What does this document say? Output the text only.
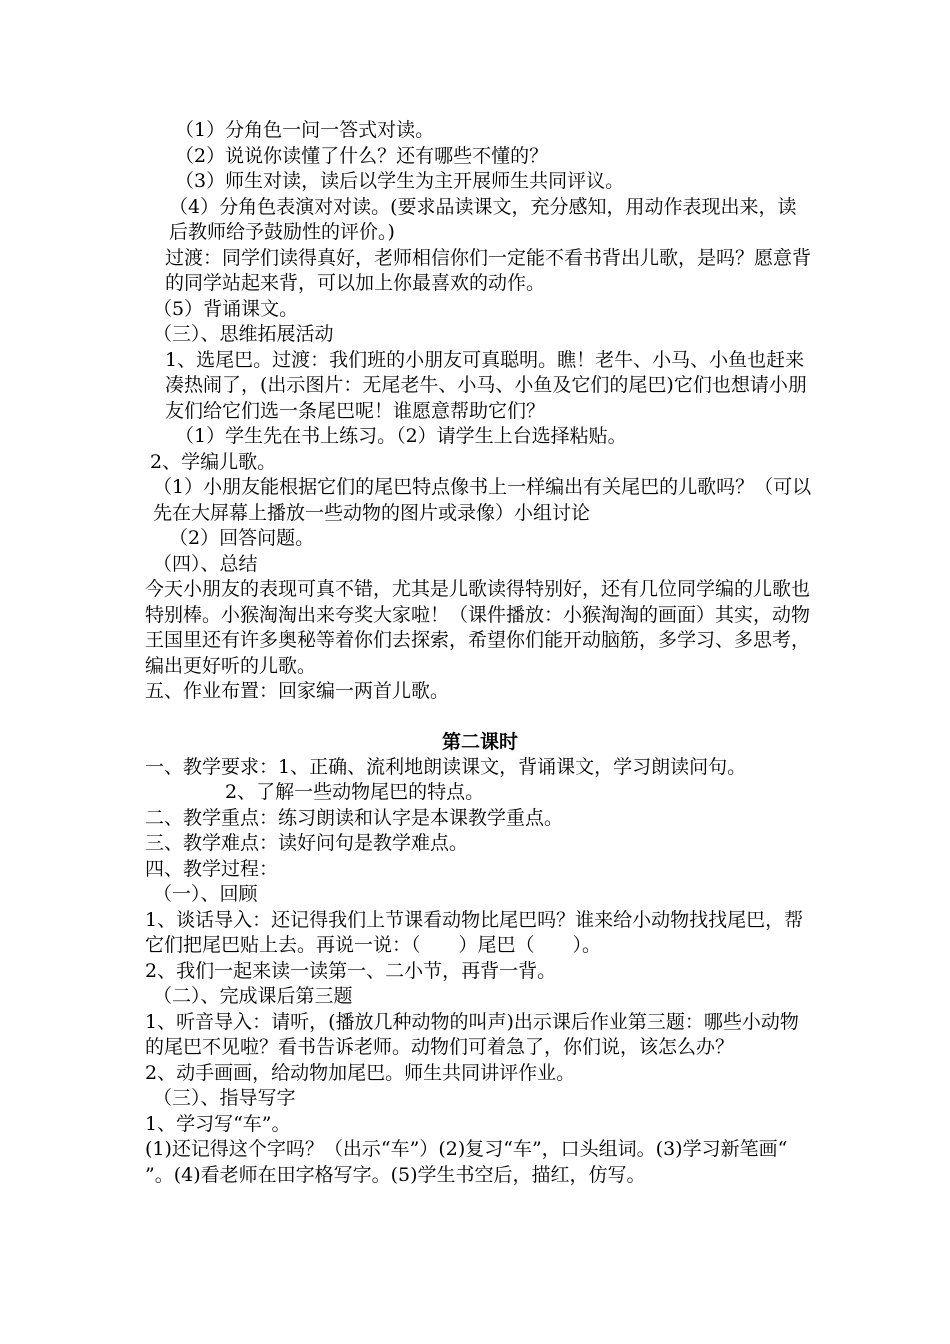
（1）分角色一问一答式对读。
（2）说说你读懂了什么？还有哪些不懂的？
（3）师生对读，读后以学生为主开展师生共同评议。
（4）分角色表演对对读。(要求品读课文，充分感知，用动作表现出来，读后教师给予鼓励性的评价。)
过渡：同学们读得真好，老师相信你们一定能不看书背出儿歌，是吗？愿意背的同学站起来背，可以加上你最喜欢的动作。
（5）背诵课文。
（三）、思维拓展活动
1、选尾巴。过渡：我们班的小朋友可真聪明。瞧！老牛、小马、小鱼也赶来凑热闹了，(出示图片：无尾老牛、小马、小鱼及它们的尾巴)它们也想请小朋友们给它们选一条尾巴呢！谁愿意帮助它们？
（1）学生先在书上练习。（2）请学生上台选择粘贴。
2、学编儿歌。
（1）小朋友能根据它们的尾巴特点像书上一样编出有关尾巴的儿歌吗？（可以先在大屏幕上播放一些动物的图片或录像）小组讨论
（2）回答问题。
（四）、总结
今天小朋友的表现可真不错，尤其是儿歌读得特别好，还有几位同学编的儿歌也特别棒。小猴淘淘出来夸奖大家啦！（课件播放：小猴淘淘的画面）其实，动物王国里还有许多奥秘等着你们去探索，希望你们能开动脑筋，多学习、多思考，编出更好听的儿歌。
五、作业布置：回家编一两首儿歌。
第二课时
一、教学要求：1、正确、流利地朗读课文，背诵课文，学习朗读问句。
2、了解一些动物尾巴的特点。
二、教学重点：练习朗读和认字是本课教学重点。
三、教学难点：读好问句是教学难点。
四、教学过程：
（一）、回顾
1、谈话导入：还记得我们上节课看动物比尾巴吗？谁来给小动物找找尾巴，帮它们把尾巴贴上去。再说一说：（　　）尾巴（　　）。
2、我们一起来读一读第一、二小节，再背一背。
（二）、完成课后第三题
1、听音导入：请听，(播放几种动物的叫声)出示课后作业第三题：哪些小动物的尾巴不见啦？看书告诉老师。动物们可着急了，你们说，该怎么办？
2、动手画画，给动物加尾巴。师生共同讲评作业。
（三）、指导写字
1、学习写“车”。
(1)还记得这个字吗？（出示“车”）(2)复习“车”，口头组词。(3)学习新笔画“ ”。(4)看老师在田字格写字。(5)学生书空后，描红，仿写。
